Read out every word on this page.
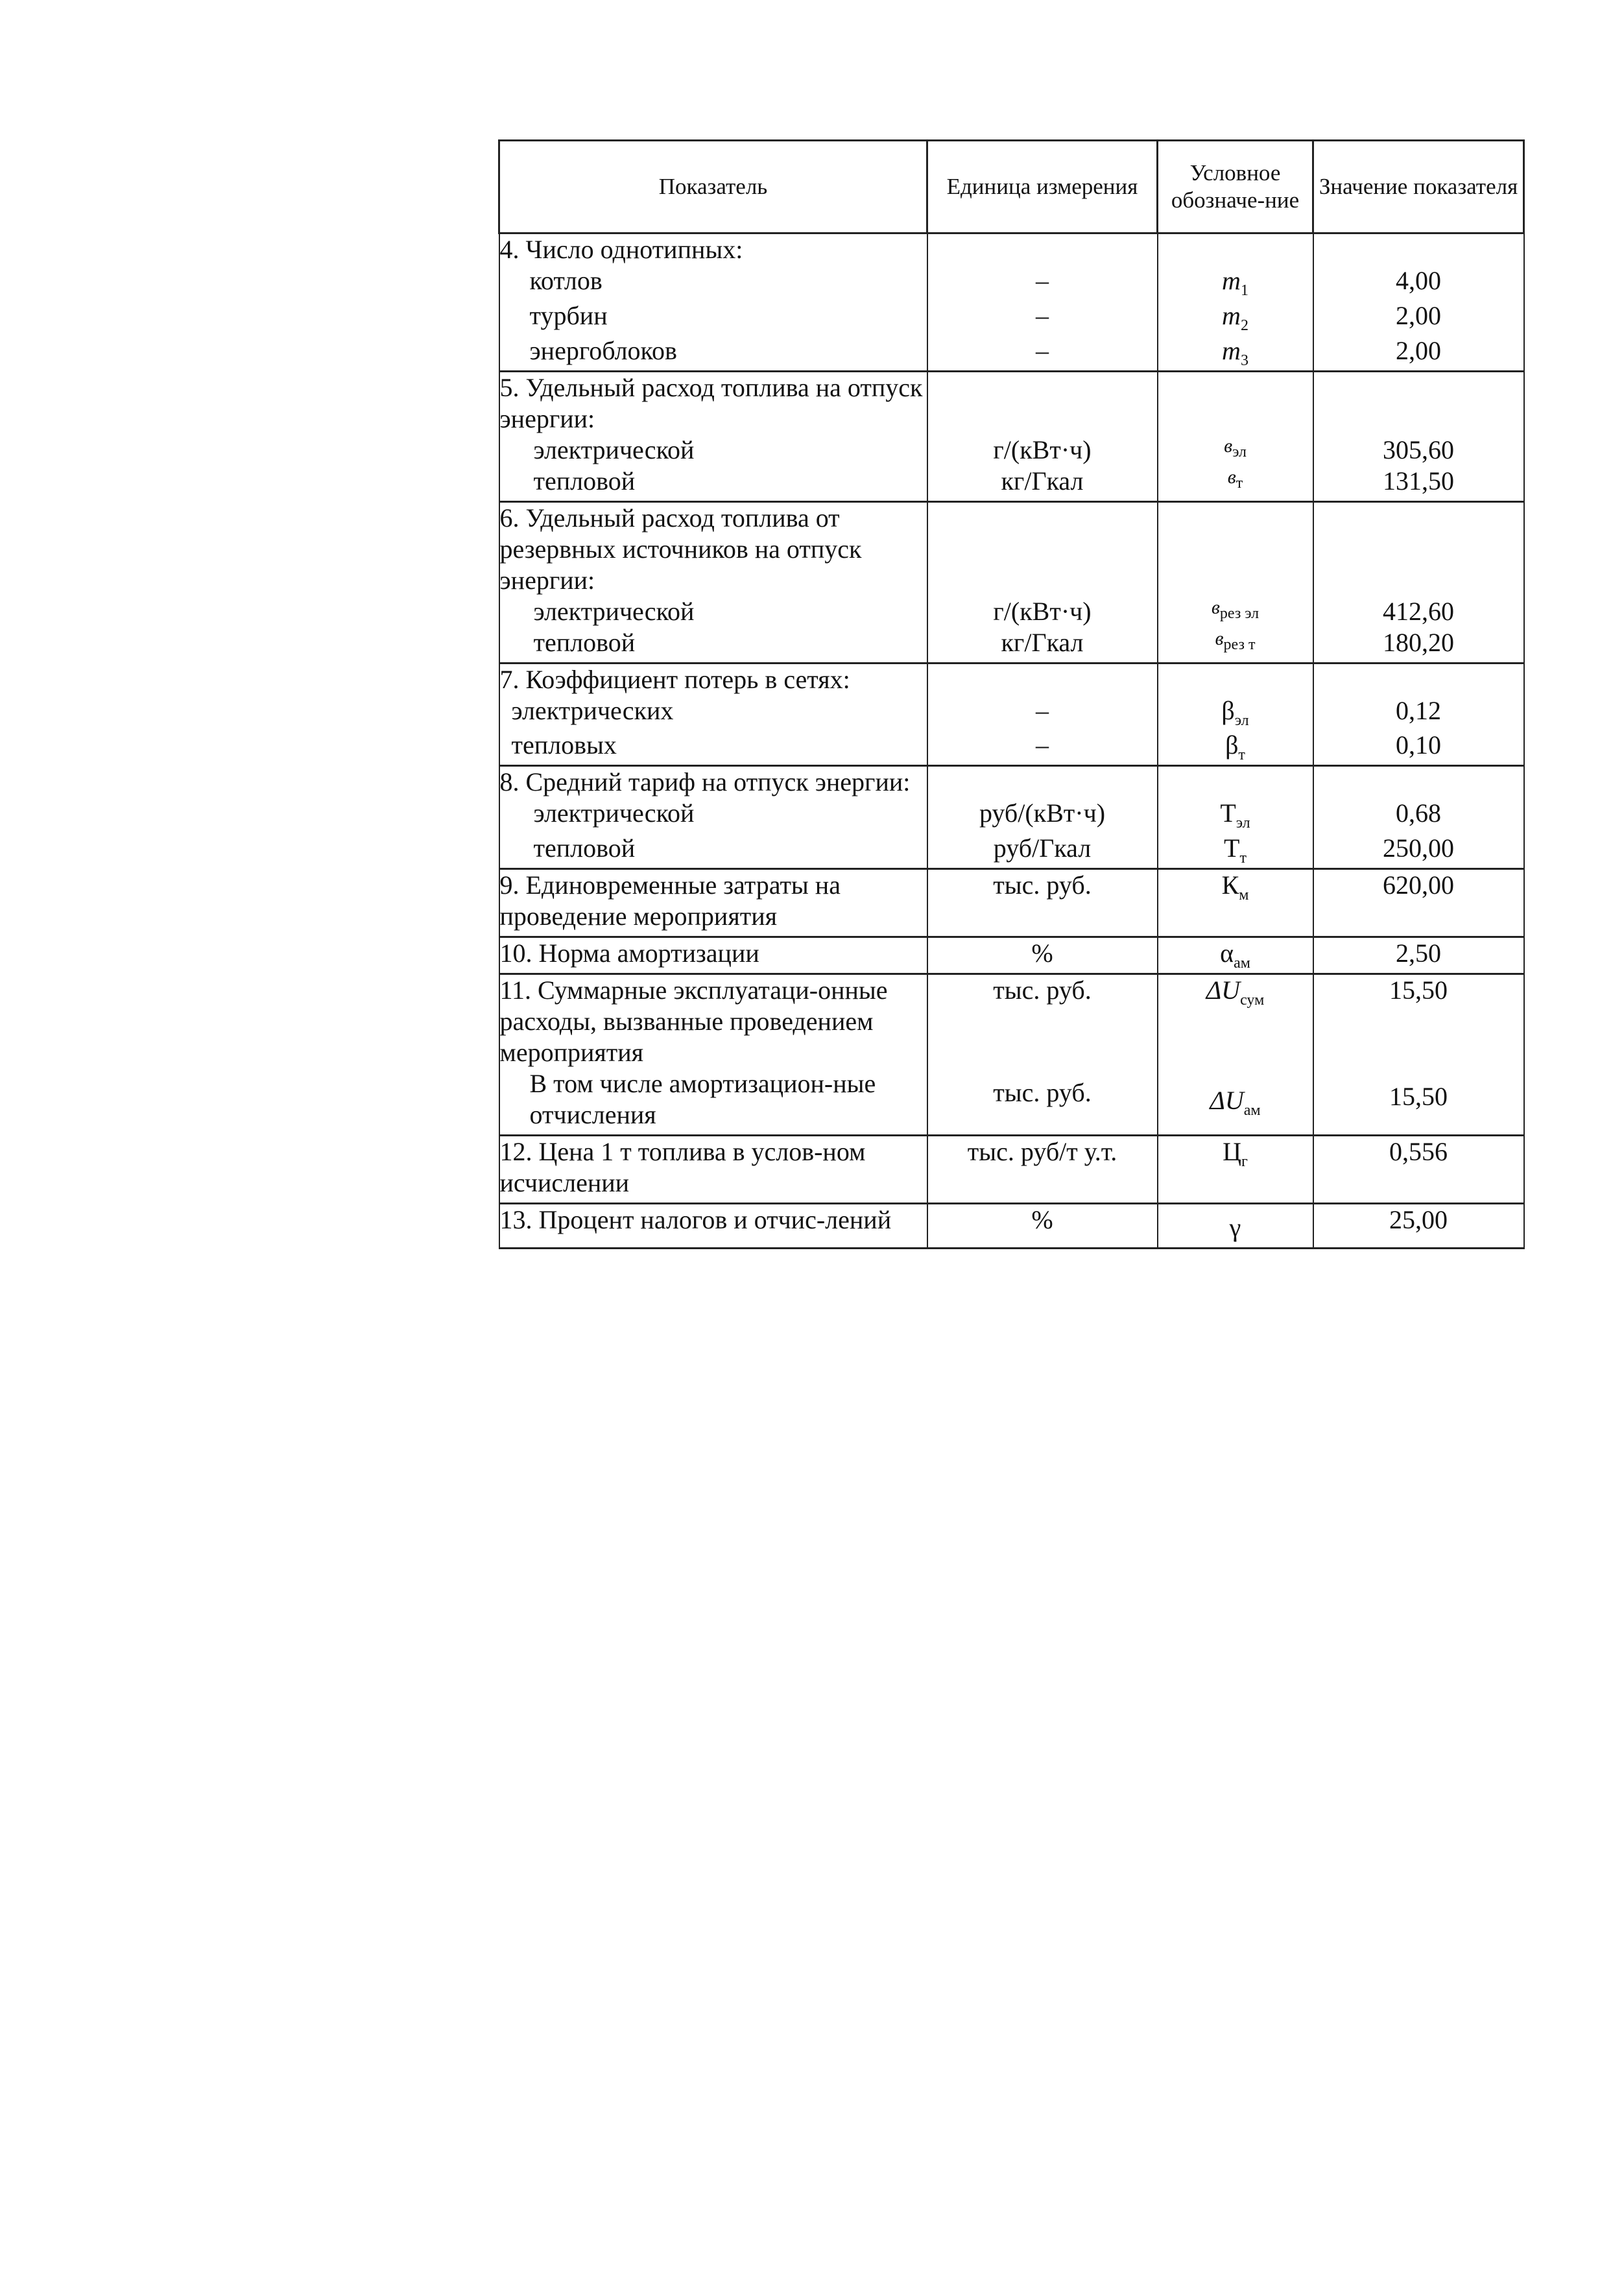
Показатель	Единица измерения	Условное обозначе-ние	Значение показателя
4. Число однотипных:			
котлов	–	$m_1$	4,00
турбин	–	$m_2$	2,00
энергоблоков	–	$m_3$	2,00
5. Удельный расход топлива на отпуск энергии:			
электрической	г/(кВт·ч)	$в_{эл}$	305,60
тепловой	кг/Гкал	$в_т$	131,50
6. Удельный расход топлива от резервных источников на отпуск энергии:			
электрической	г/(кВт·ч)	$в_{рез эл}$	412,60
тепловой	кг/Гкал	$в_{рез т}$	180,20
7. Коэффициент потерь в сетях:			
электрических	–	$\beta_{эл}$	0,12
тепловых	–	$\beta_т$	0,10
8. Средний тариф на отпуск энергии:			
электрической	руб/(кВт·ч)	$Т_{эл}$	0,68
тепловой	руб/Гкал	$Т_т$	250,00
9. Единовременные затраты на проведение мероприятия	тыс. руб.	$К_м$	620,00
10. Норма амортизации	%	$\alpha_{ам}$	2,50
11. Суммарные эксплуатаци-онные расходы, вызванные проведением мероприятия	тыс. руб.	$\Delta U_{сум}$	15,50
В том числе амортизацион-ные отчисления	тыс. руб.	$\Delta U_{ам}$	15,50
12. Цена 1 т топлива в услов-ном исчислении	тыс. руб/т у.т.	$Ц_г$	0,556
13. Процент налогов и отчис-лений	%	γ	25,00
